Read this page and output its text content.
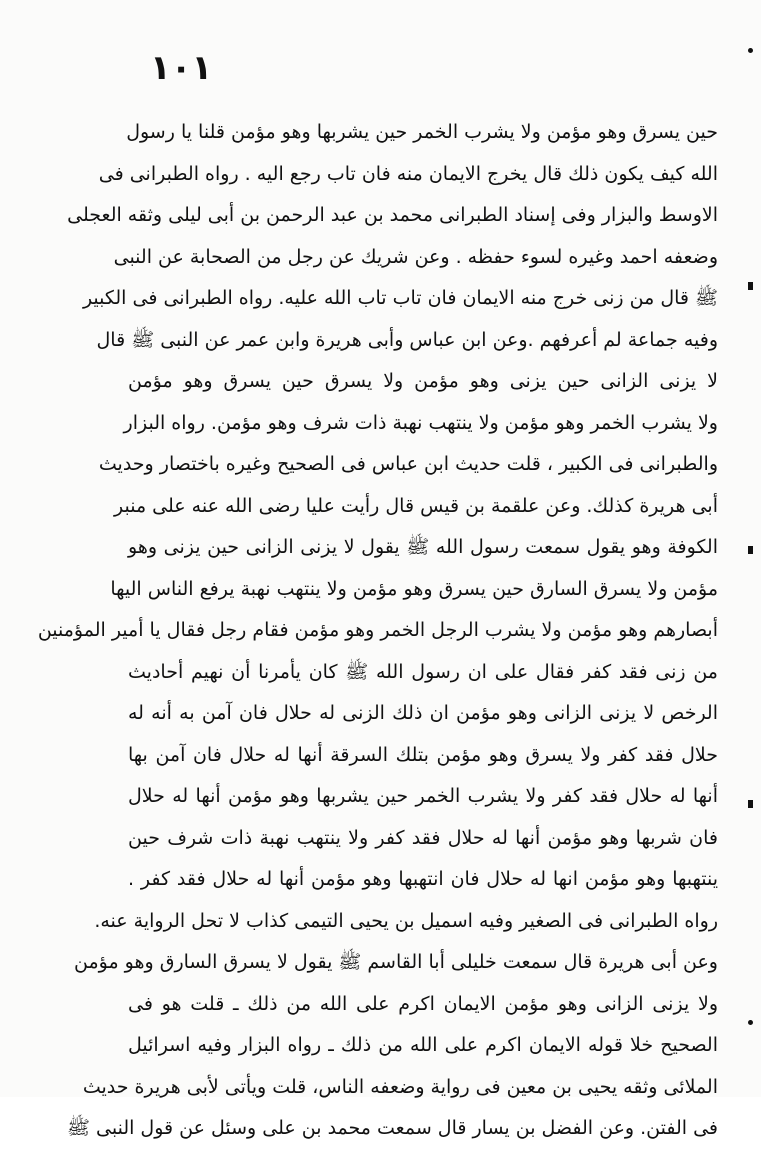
١٠١
حين يسرق وهو مؤمن ولا يشرب الخمر حين يشربها وهو مؤمن قلنا يا رسول
الله كيف يكون ذلك قال يخرج الايمان منه فان تاب رجع اليه . رواه الطبرانى فى
الاوسط والبزار وفى إسناد الطبرانى محمد بن عبد الرحمن بن أبى ليلى وثقه العجلى
وضعفه احمد وغيره لسوء حفظه . وعن شريك عن رجل من الصحابة عن النبى
ﷺ قال من زنى خرج منه الايمان فان تاب تاب الله عليه. رواه الطبرانى فى الكبير
وفيه جماعة لم أعرفهم .وعن ابن عباس وأبى هريرة وابن عمر عن النبى ﷺ قال
لا يزنى الزانى حين يزنى وهو مؤمن ولا يسرق حين يسرق وهو مؤمن
ولا يشرب الخمر وهو مؤمن ولا ينتهب نهبة ذات شرف وهو مؤمن. رواه البزار
والطبرانى فى الكبير ، قلت حديث ابن عباس فى الصحيح وغيره باختصار وحديث
أبى هريرة كذلك. وعن علقمة بن قيس قال رأيت عليا رضى الله عنه على منبر
الكوفة وهو يقول سمعت رسول الله ﷺ يقول لا يزنى الزانى حين يزنى وهو
مؤمن ولا يسرق السارق حين يسرق وهو مؤمن ولا ينتهب نهبة يرفع الناس اليها
أبصارهم وهو مؤمن ولا يشرب الرجل الخمر وهو مؤمن فقام رجل فقال يا أمير المؤمنين
من زنى فقد كفر فقال على ان رسول الله ﷺ كان يأمرنا أن نهيم أحاديث
الرخص لا يزنى الزانى وهو مؤمن ان ذلك الزنى له حلال فان آمن به أنه له
حلال فقد كفر ولا يسرق وهو مؤمن بتلك السرقة أنها له حلال فان آمن بها
أنها له حلال فقد كفر ولا يشرب الخمر حين يشربها وهو مؤمن أنها له حلال
فان شربها وهو مؤمن أنها له حلال فقد كفر ولا ينتهب نهبة ذات شرف حين
ينتهبها وهو مؤمن انها له حلال فان انتهبها وهو مؤمن أنها له حلال فقد كفر .
رواه الطبرانى فى الصغير وفيه اسميل بن يحيى التيمى كذاب لا تحل الرواية عنه.
وعن أبى هريرة قال سمعت خليلى أبا القاسم ﷺ يقول لا يسرق السارق وهو مؤمن
ولا يزنى الزانى وهو مؤمن الايمان اكرم على الله من ذلك ـ قلت هو فى
الصحيح خلا قوله الايمان اكرم على الله من ذلك ـ رواه البزار وفيه اسرائيل
الملائى وثقه يحيى بن معين فى رواية وضعفه الناس، قلت ويأتى لأبى هريرة حديث
فى الفتن. وعن الفضل بن يسار قال سمعت محمد بن على وسئل عن قول النبى ﷺ
